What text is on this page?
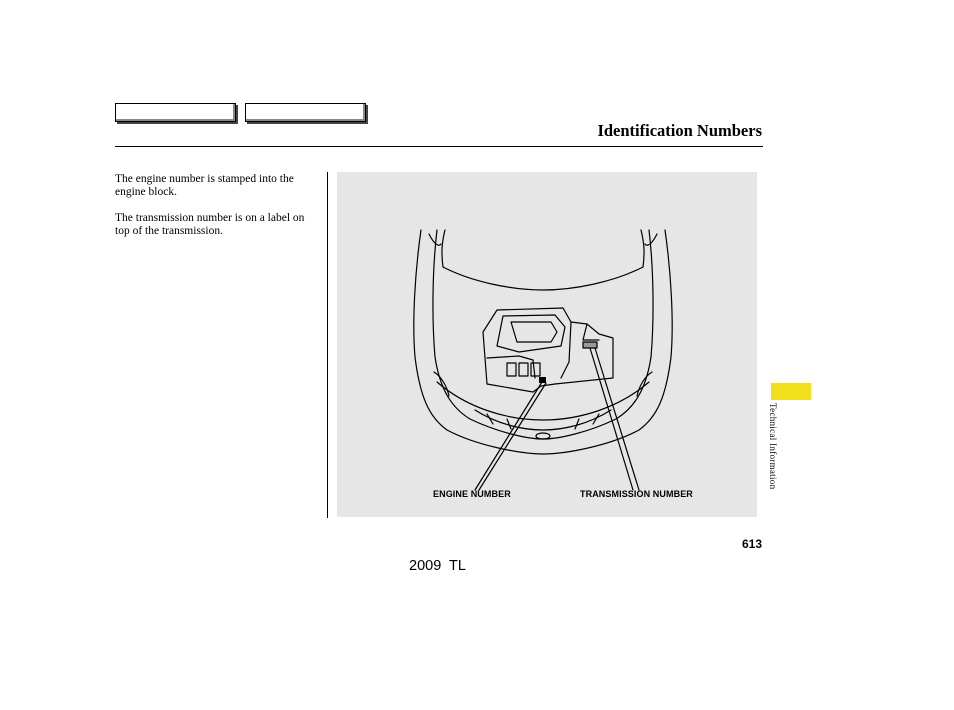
Identification Numbers
The engine number is stamped into the engine block.
The transmission number is on a label on top of the transmission.
ENGINE NUMBER	TRANSMISSION NUMBER
Technical Information
613
2009  TL
